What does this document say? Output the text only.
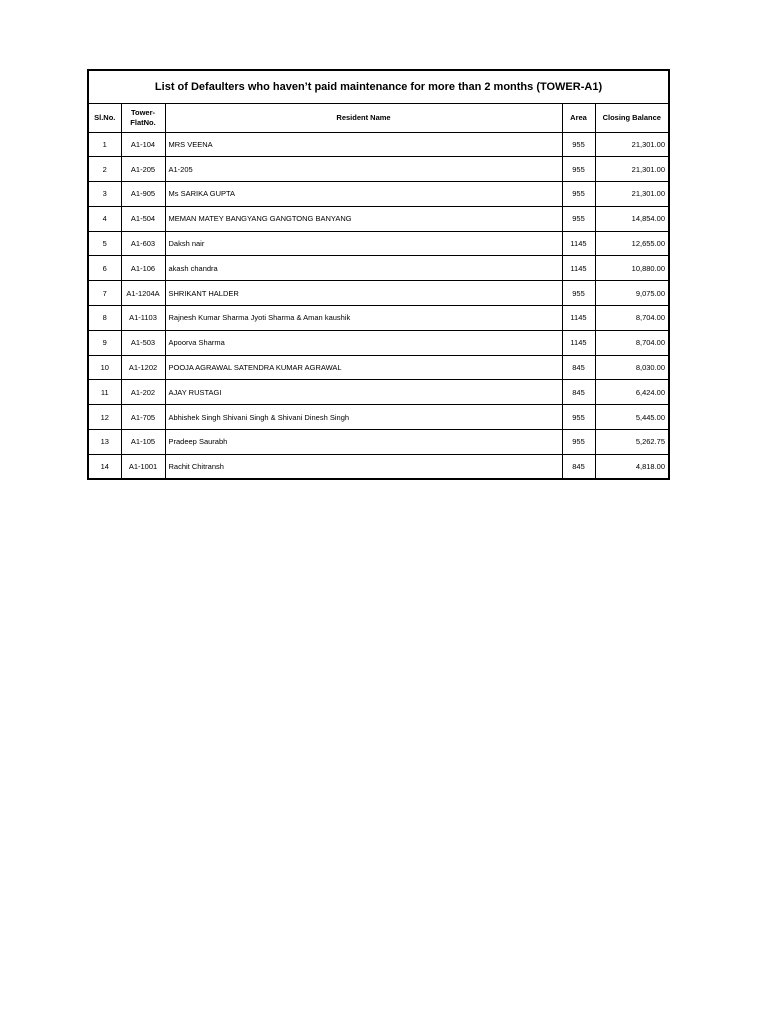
List of Defaulters who haven’t paid maintenance for more than 2 months (TOWER-A1)				
Sl.No.	Tower-
FlatNo.	Resident Name	Area	Closing Balance
1	A1-104	MRS VEENA	955	21,301.00
2	A1-205	A1-205	955	21,301.00
3	A1-905	Ms SARIKA GUPTA	955	21,301.00
4	A1-504	MEMAN MATEY BANGYANG GANGTONG BANYANG	955	14,854.00
5	A1-603	Daksh nair	1145	12,655.00
6	A1-106	akash chandra	1145	10,880.00
7	A1-1204A	SHRIKANT HALDER	955	9,075.00
8	A1-1103	Rajnesh Kumar Sharma Jyoti Sharma & Aman kaushik	1145	8,704.00
9	A1-503	Apoorva Sharma	1145	8,704.00
10	A1-1202	POOJA AGRAWAL SATENDRA KUMAR AGRAWAL	845	8,030.00
11	A1-202	AJAY RUSTAGI	845	6,424.00
12	A1-705	Abhishek Singh Shivani Singh & Shivani Dinesh Singh	955	5,445.00
13	A1-105	Pradeep Saurabh	955	5,262.75
14	A1-1001	Rachit Chitransh	845	4,818.00
